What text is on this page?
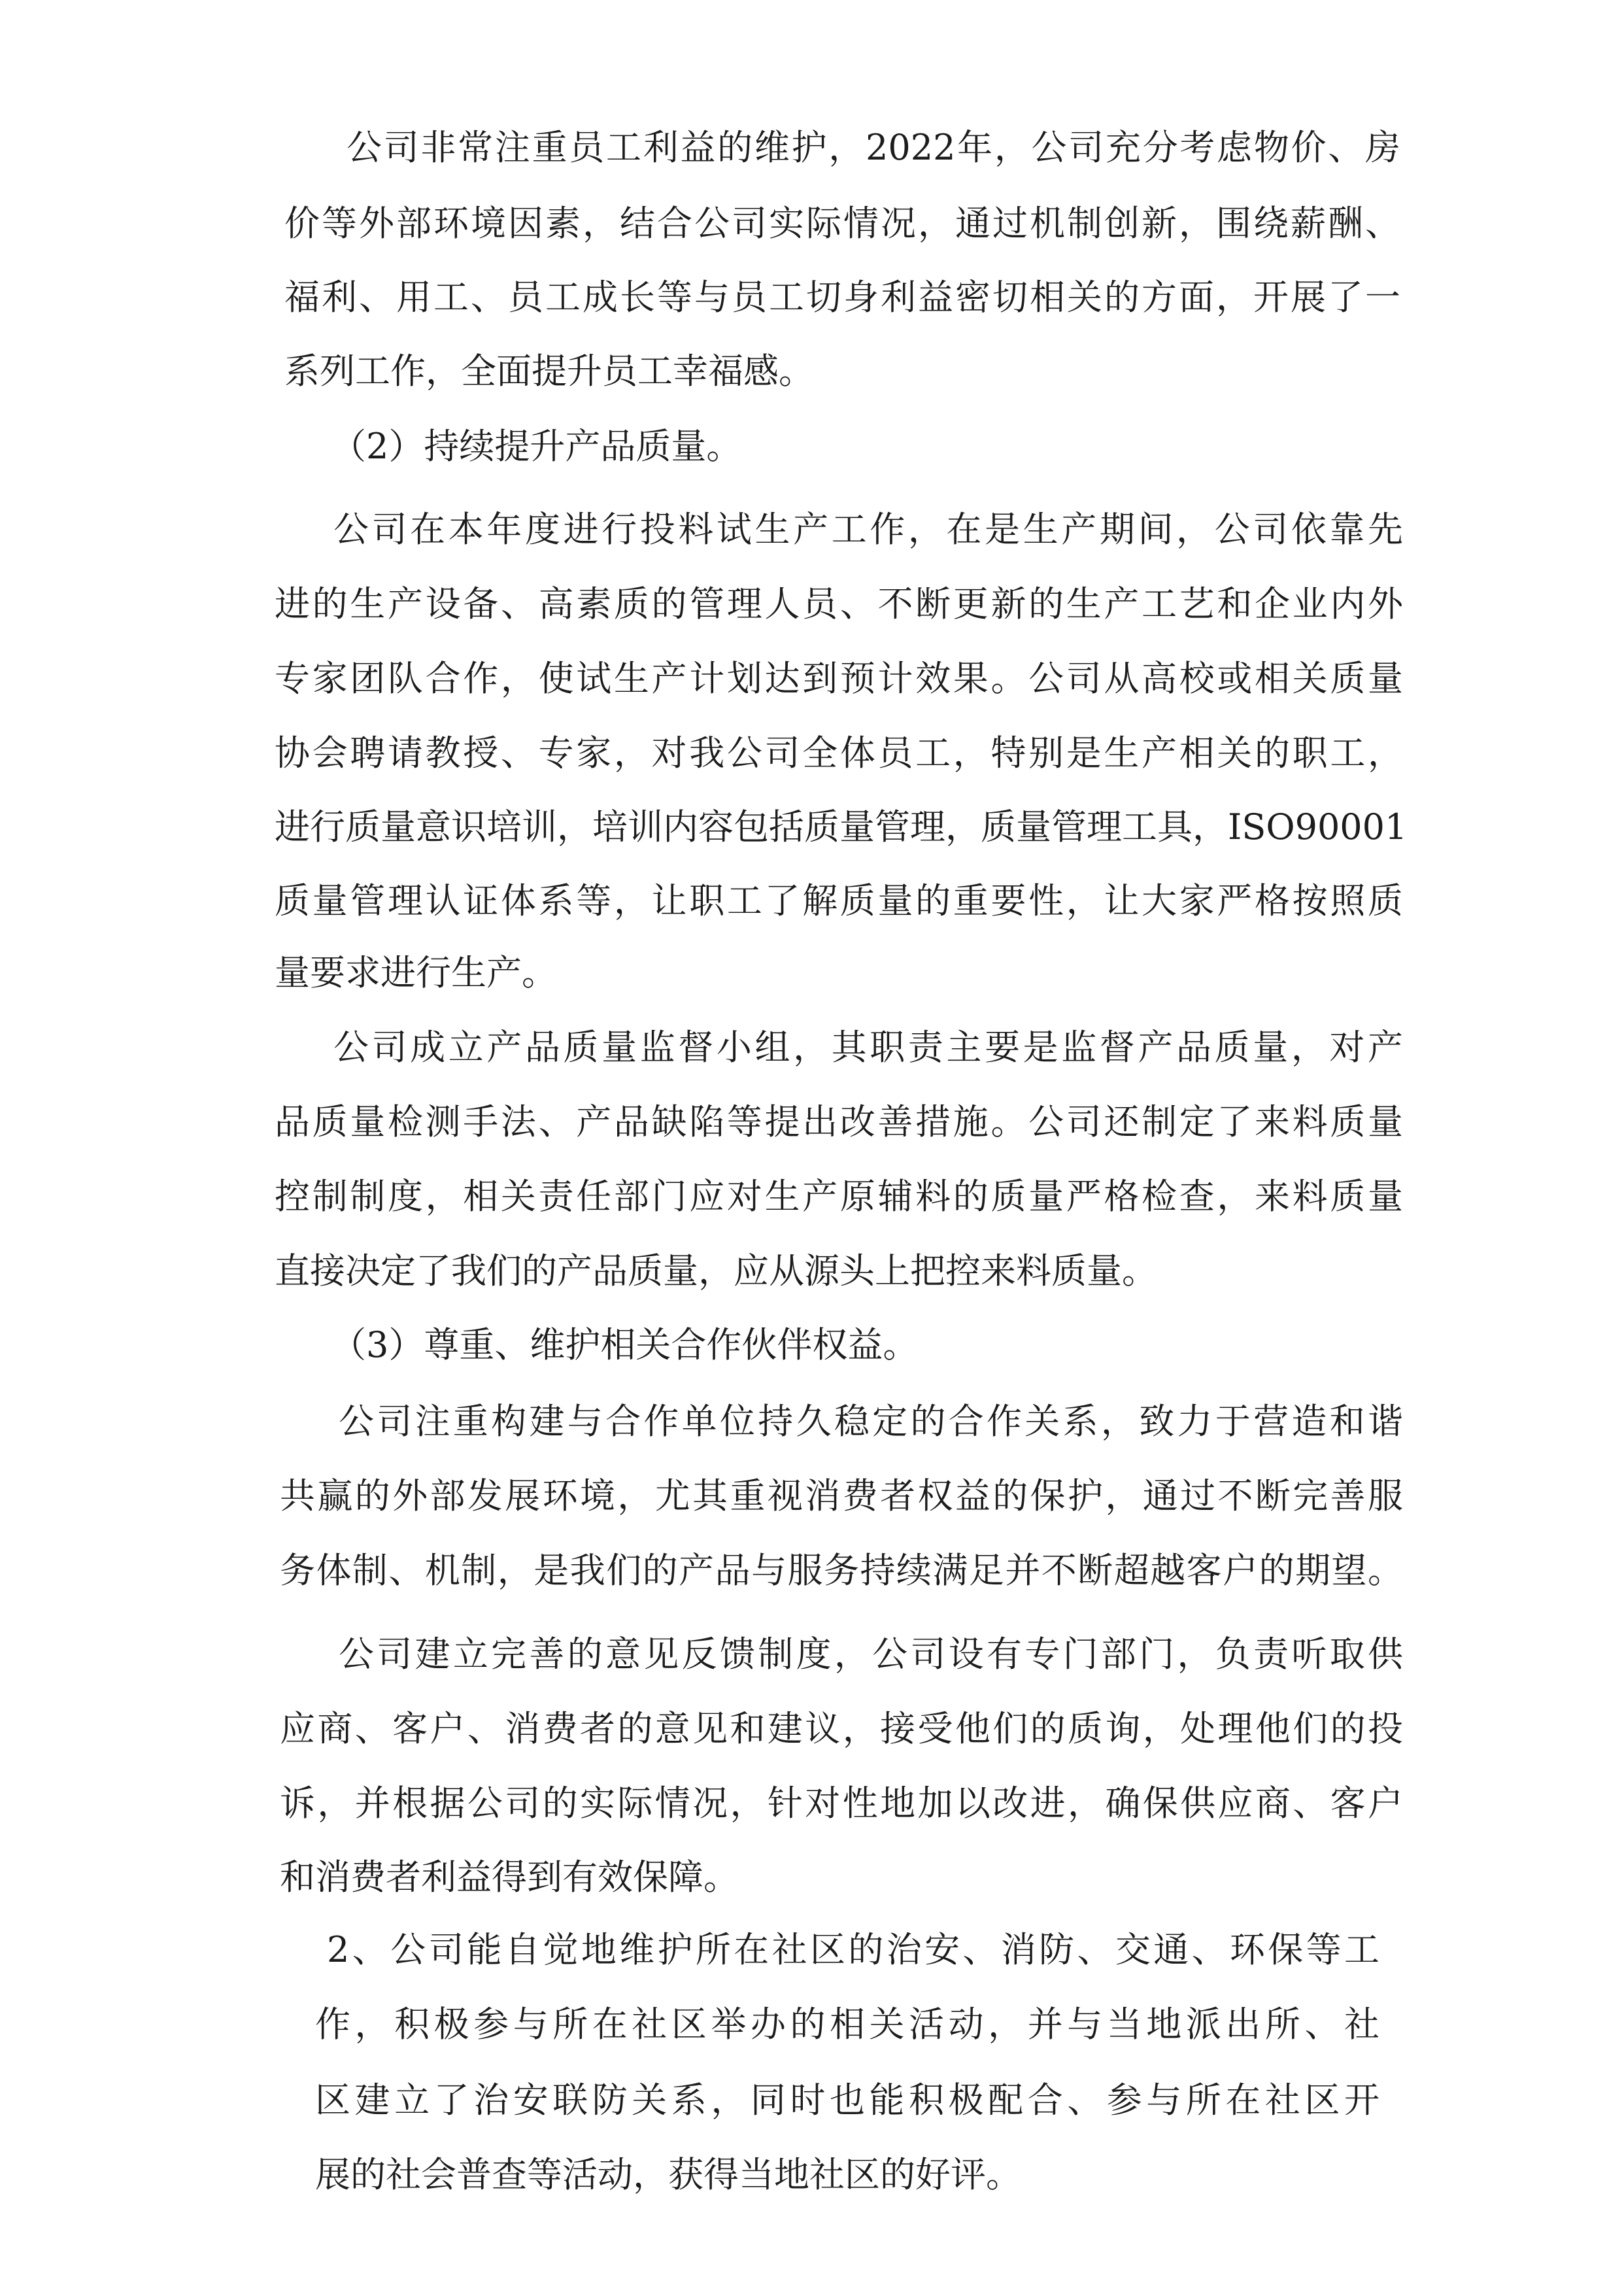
公司非常注重员工利益的维护，2022年，公司充分考虑物价、房

价等外部环境因素，结合公司实际情况，通过机制创新，围绕薪酬、

福利、用工、员工成长等与员工切身利益密切相关的方面，开展了一

系列工作，全面提升员工幸福感。

（2）持续提升产品质量。

公司在本年度进行投料试生产工作，在是生产期间，公司依靠先

进的生产设备、高素质的管理人员、不断更新的生产工艺和企业内外

专家团队合作，使试生产计划达到预计效果。公司从高校或相关质量

协会聘请教授、专家，对我公司全体员工，特别是生产相关的职工，

进行质量意识培训，培训内容包括质量管理，质量管理工具，ISO90001

质量管理认证体系等，让职工了解质量的重要性，让大家严格按照质

量要求进行生产。

公司成立产品质量监督小组，其职责主要是监督产品质量，对产

品质量检测手法、产品缺陷等提出改善措施。公司还制定了来料质量

控制制度，相关责任部门应对生产原辅料的质量严格检查，来料质量

直接决定了我们的产品质量，应从源头上把控来料质量。

（3）尊重、维护相关合作伙伴权益。

公司注重构建与合作单位持久稳定的合作关系，致力于营造和谐

共赢的外部发展环境，尤其重视消费者权益的保护，通过不断完善服

务体制、机制，是我们的产品与服务持续满足并不断超越客户的期望。

公司建立完善的意见反馈制度，公司设有专门部门，负责听取供

应商、客户、消费者的意见和建议，接受他们的质询，处理他们的投

诉，并根据公司的实际情况，针对性地加以改进，确保供应商、客户

和消费者利益得到有效保障。

2、公司能自觉地维护所在社区的治安、消防、交通、环保等工

作，积极参与所在社区举办的相关活动，并与当地派出所、社

区建立了治安联防关系，同时也能积极配合、参与所在社区开

展的社会普查等活动，获得当地社区的好评。
